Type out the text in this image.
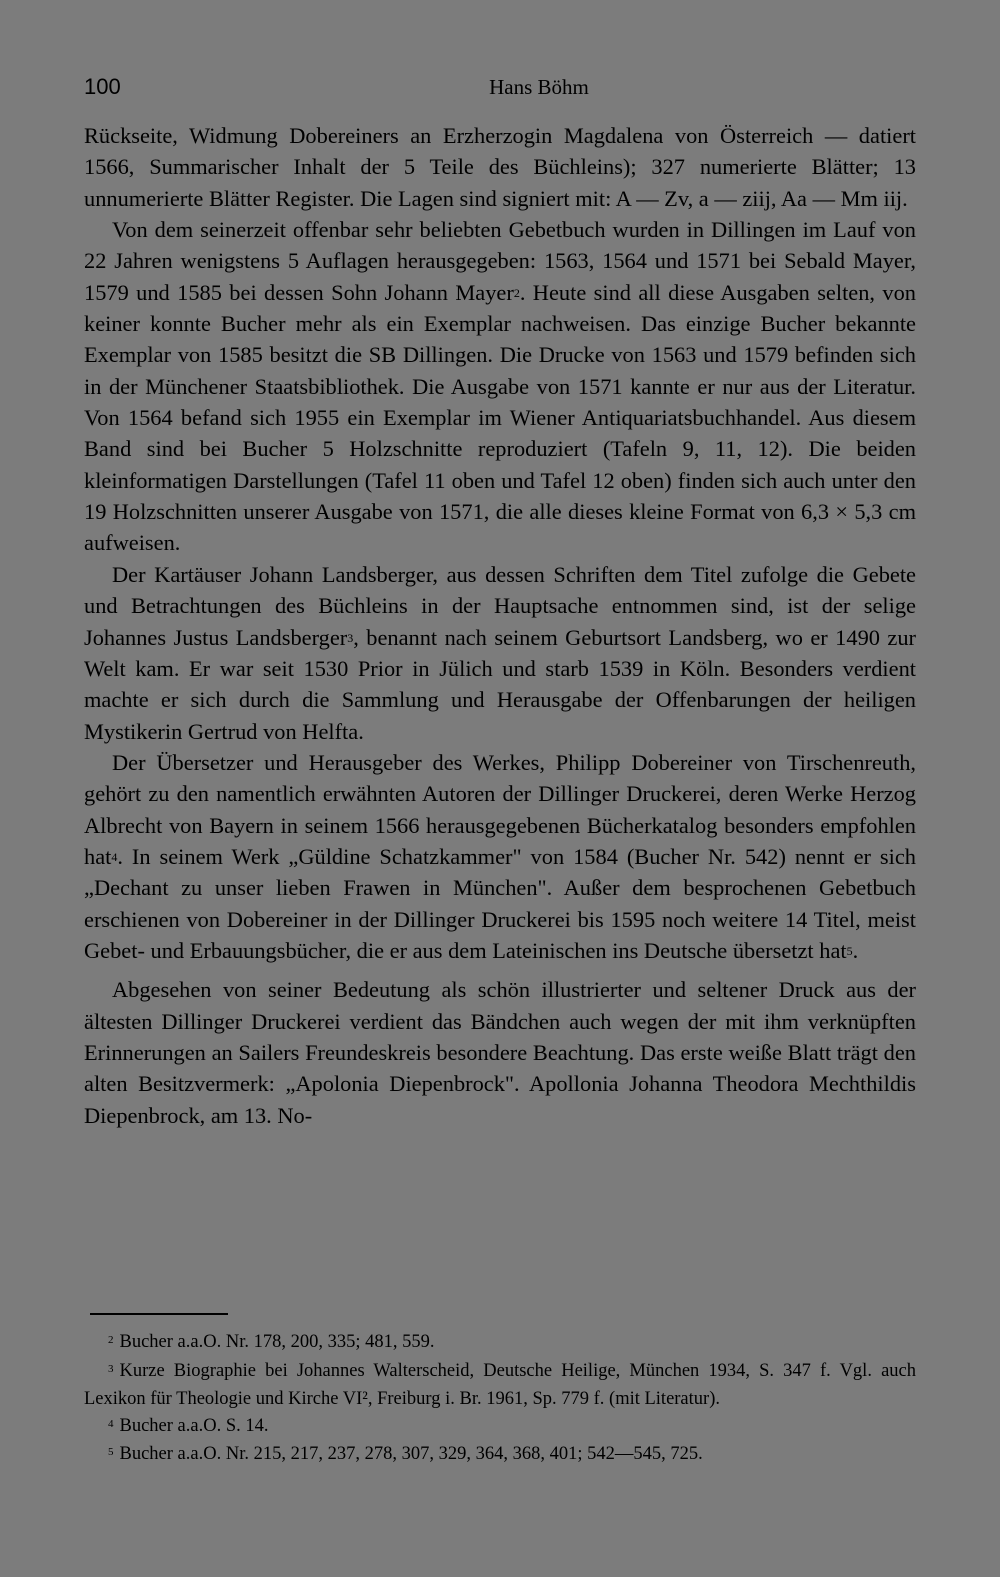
100	Hans Böhm

Rückseite, Widmung Dobereiners an Erzherzogin Magdalena von Österreich — datiert 1566, Summarischer Inhalt der 5 Teile des Büchleins); 327 numerierte Blätter; 13 unnumerierte Blätter Register. Die Lagen sind signiert mit: A — Zv, a — ziij, Aa — Mm iij.

Von dem seinerzeit offenbar sehr beliebten Gebetbuch wurden in Dillingen im Lauf von 22 Jahren wenigstens 5 Auflagen herausgegeben: 1563, 1564 und 1571 bei Sebald Mayer, 1579 und 1585 bei dessen Sohn Johann Mayer$^2$. Heute sind all diese Ausgaben selten, von keiner konnte Bucher mehr als ein Exemplar nachweisen. Das einzige Bucher bekannte Exemplar von 1585 besitzt die SB Dillingen. Die Drucke von 1563 und 1579 befinden sich in der Münchener Staatsbibliothek. Die Ausgabe von 1571 kannte er nur aus der Literatur. Von 1564 befand sich 1955 ein Exemplar im Wiener Antiquariatsbuchhandel. Aus diesem Band sind bei Bucher 5 Holzschnitte reproduziert (Tafeln 9, 11, 12). Die beiden kleinformatigen Darstellungen (Tafel 11 oben und Tafel 12 oben) finden sich auch unter den 19 Holzschnitten unserer Ausgabe von 1571, die alle dieses kleine Format von 6,3 × 5,3 cm aufweisen.

Der Kartäuser Johann Landsberger, aus dessen Schriften dem Titel zufolge die Gebete und Betrachtungen des Büchleins in der Hauptsache entnommen sind, ist der selige Johannes Justus Landsberger$^3$, benannt nach seinem Geburtsort Landsberg, wo er 1490 zur Welt kam. Er war seit 1530 Prior in Jülich und starb 1539 in Köln. Besonders verdient machte er sich durch die Sammlung und Herausgabe der Offenbarungen der heiligen Mystikerin Gertrud von Helfta.

Der Übersetzer und Herausgeber des Werkes, Philipp Dobereiner von Tirschenreuth, gehört zu den namentlich erwähnten Autoren der Dillinger Druckerei, deren Werke Herzog Albrecht von Bayern in seinem 1566 herausgegebenen Bücherkatalog besonders empfohlen hat$^4$. In seinem Werk „Güldine Schatzkammer" von 1584 (Bucher Nr. 542) nennt er sich „Dechant zu unser lieben Frawen in München". Außer dem besprochenen Gebetbuch erschienen von Dobereiner in der Dillinger Druckerei bis 1595 noch weitere 14 Titel, meist Gebet- und Erbauungsbücher, die er aus dem Lateinischen ins Deutsche übersetzt hat$^5$.

Abgesehen von seiner Bedeutung als schön illustrierter und seltener Druck aus der ältesten Dillinger Druckerei verdient das Bändchen auch wegen der mit ihm verknüpften Erinnerungen an Sailers Freundeskreis besondere Beachtung. Das erste weiße Blatt trägt den alten Besitzvermerk: „Apolonia Diepenbrock". Apollonia Johanna Theodora Mechthildis Diepenbrock, am 13. No-

$^2$ Bucher a.a.O. Nr. 178, 200, 335; 481, 559.

$^3$ Kurze Biographie bei Johannes Walterscheid, Deutsche Heilige, München 1934, S. 347 f. Vgl. auch Lexikon für Theologie und Kirche VI², Freiburg i. Br. 1961, Sp. 779 f. (mit Literatur).

$^4$ Bucher a.a.O. S. 14.

$^5$ Bucher a.a.O. Nr. 215, 217, 237, 278, 307, 329, 364, 368, 401; 542—545, 725.
